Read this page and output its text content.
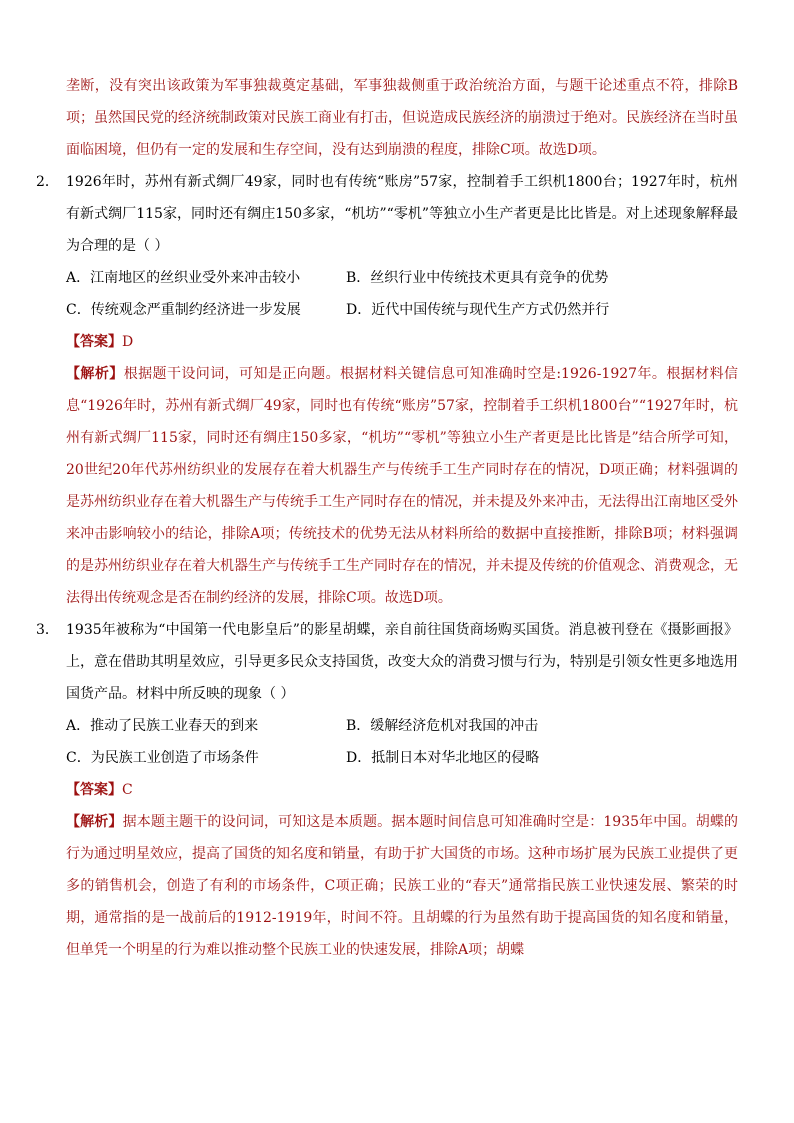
垄断，没有突出该政策为军事独裁奠定基础，军事独裁侧重于政治统治方面，与题干论述重点不符，排除B项；虽然国民党的经济统制政策对民族工商业有打击，但说造成民族经济的崩溃过于绝对。民族经济在当时虽面临困境，但仍有一定的发展和生存空间，没有达到崩溃的程度，排除C项。故选D项。

2． 1926年时，苏州有新式绸厂49家，同时也有传统“账房”57家，控制着手工织机1800台；1927年时，杭州有新式绸厂115家，同时还有绸庄150多家，“机坊”“零机”等独立小生产者更是比比皆是。对上述现象解释最为合理的是（ ）

A．江南地区的丝织业受外来冲击较小	B．丝织行业中传统技术更具有竞争的优势
C．传统观念严重制约经济进一步发展	D．近代中国传统与现代生产方式仍然并行

【答案】D

【解析】根据题干设问词，可知是正向题。根据材料关键信息可知准确时空是:1926-1927年。根据材料信息“1926年时，苏州有新式绸厂49家，同时也有传统“账房”57家，控制着手工织机1800台”“1927年时，杭州有新式绸厂115家，同时还有绸庄150多家，“机坊”“零机”等独立小生产者更是比比皆是”结合所学可知，20世纪20年代苏州纺织业的发展存在着大机器生产与传统手工生产同时存在的情况，D项正确；材料强调的是苏州纺织业存在着大机器生产与传统手工生产同时存在的情况，并未提及外来冲击，无法得出江南地区受外来冲击影响较小的结论，排除A项；传统技术的优势无法从材料所给的数据中直接推断，排除B项；材料强调的是苏州纺织业存在着大机器生产与传统手工生产同时存在的情况，并未提及传统的价值观念、消费观念，无法得出传统观念是否在制约经济的发展，排除C项。故选D项。

3． 1935年被称为“中国第一代电影皇后”的影星胡蝶，亲自前往国货商场购买国货。消息被刊登在《摄影画报》上，意在借助其明星效应，引导更多民众支持国货，改变大众的消费习惯与行为，特别是引领女性更多地选用国货产品。材料中所反映的现象（ ）

A．推动了民族工业春天的到来	B．缓解经济危机对我国的冲击
C．为民族工业创造了市场条件	D．抵制日本对华北地区的侵略

【答案】C

【解析】据本题主题干的设问词，可知这是本质题。据本题时间信息可知准确时空是：1935年中国。胡蝶的行为通过明星效应，提高了国货的知名度和销量，有助于扩大国货的市场。这种市场扩展为民族工业提供了更多的销售机会，创造了有利的市场条件，C项正确；民族工业的“春天”通常指民族工业快速发展、繁荣的时期，通常指的是一战前后的1912-1919年，时间不符。且胡蝶的行为虽然有助于提高国货的知名度和销量，但单凭一个明星的行为难以推动整个民族工业的快速发展，排除A项；胡蝶
